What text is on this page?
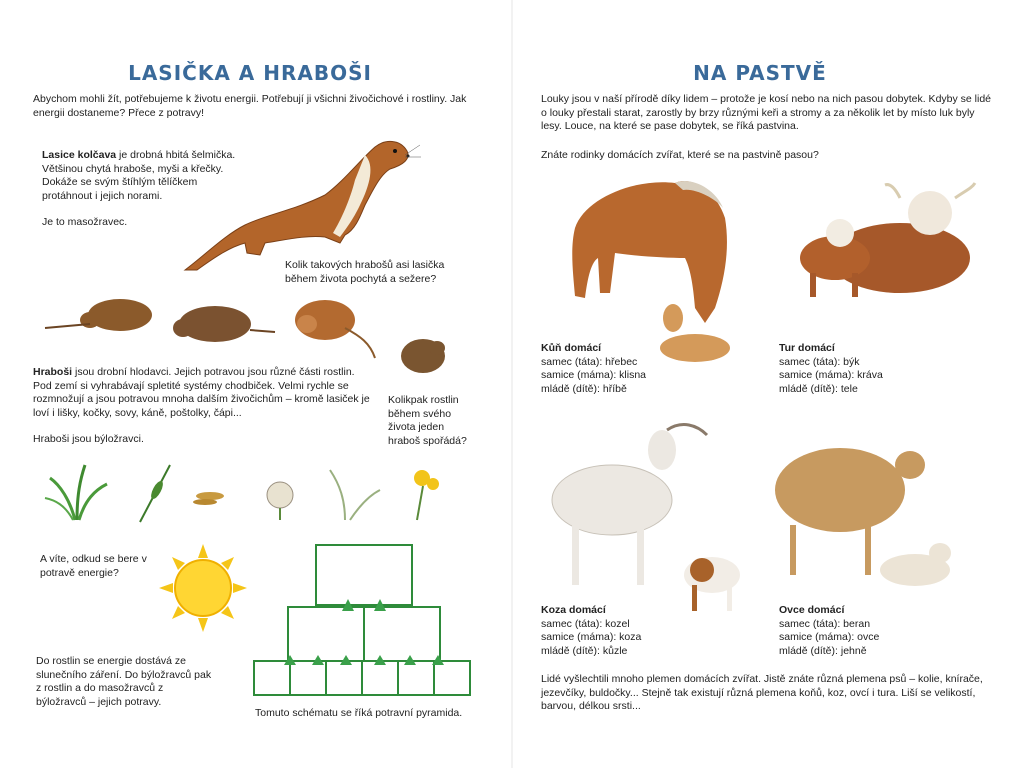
LASIČKA A HRABOŠI
Abychom mohli žít, potřebujeme k životu energii. Potřebují ji všichni živočichové i rostliny. Jak energii dostaneme? Přece z potravy!
Lasice kolčava je drobná hbitá šelmička. Většinou chytá hraboše, myši a křečky. Dokáže se svým štíhlým tělíčkem protáhnout i jejich norami.
Je to masožravec.
Kolik takových hrabošů asi lasička během života pochytá a sežere?
Hraboši jsou drobní hlodavci. Jejich potravou jsou různé části rostlin. Pod zemí si vyhrabávají spletité systémy chodbiček. Velmi rychle se rozmnožují a jsou potravou mnoha dalším živočichům – kromě lasiček je loví i lišky, kočky, sovy, káně, poštolky, čápi...
Hraboši jsou býložravci.
Kolikpak rostlin během svého života jeden hraboš spořádá?
A víte, odkud se bere v potravě energie?
Do rostlin se energie dostává ze slunečního záření. Do býložravců pak z rostlin a do masožravců z býložravců – jejich potravy.
Tomuto schématu se říká potravní pyramida.
NA PASTVĚ
Louky jsou v naší přírodě díky lidem – protože je kosí nebo na nich pasou dobytek. Kdyby se lidé o louky přestali starat, zarostly by brzy různými keři a stromy a za několik let by místo luk byly lesy. Louce, na které se pase dobytek, se říká pastvina.
Znáte rodinky domácích zvířat, které se na pastvině pasou?
Kůň domácí
samec (táta): hřebec
samice (máma): klisna
mládě (dítě): hříbě
Tur domácí
samec (táta): býk
samice (máma): kráva
mládě (dítě): tele
Koza domácí
samec (táta): kozel
samice (máma): koza
mládě (dítě): kůzle
Ovce domácí
samec (táta): beran
samice (máma): ovce
mládě (dítě): jehně
Lidé vyšlechtili mnoho plemen domácích zvířat. Jistě znáte různá plemena psů – kolie, knírače, jezevčíky, buldočky... Stejně tak existují různá plemena koňů, koz, ovcí i tura. Liší se velikostí, barvou, délkou srsti...
